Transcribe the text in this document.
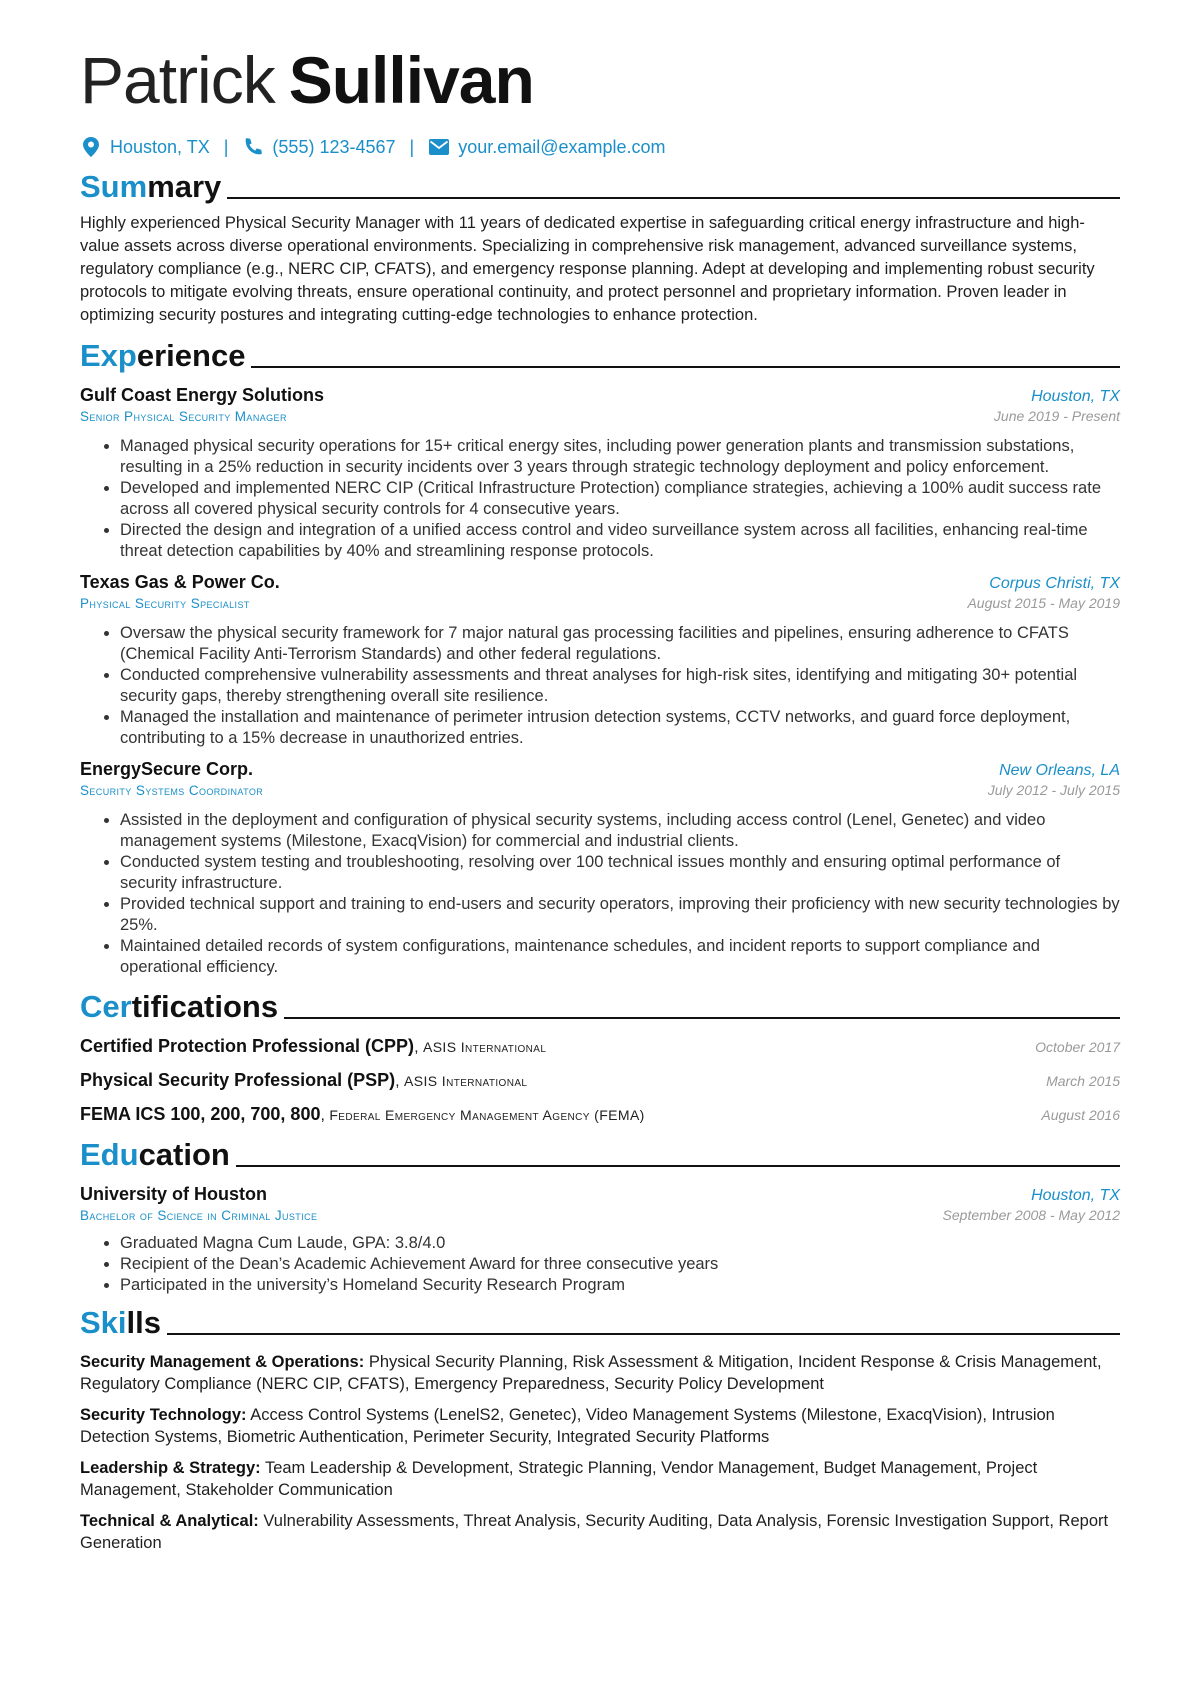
Patrick Sullivan
Houston, TX | (555) 123-4567 | your.email@example.com
Summary
Highly experienced Physical Security Manager with 11 years of dedicated expertise in safeguarding critical energy infrastructure and high-value assets across diverse operational environments. Specializing in comprehensive risk management, advanced surveillance systems, regulatory compliance (e.g., NERC CIP, CFATS), and emergency response planning. Adept at developing and implementing robust security protocols to mitigate evolving threats, ensure operational continuity, and protect personnel and proprietary information. Proven leader in optimizing security postures and integrating cutting-edge technologies to enhance protection.
Experience
Gulf Coast Energy Solutions	Houston, TX
Senior Physical Security Manager	June 2019 - Present
• Managed physical security operations for 15+ critical energy sites, including power generation plants and transmission substations, resulting in a 25% reduction in security incidents over 3 years through strategic technology deployment and policy enforcement.
• Developed and implemented NERC CIP (Critical Infrastructure Protection) compliance strategies, achieving a 100% audit success rate across all covered physical security controls for 4 consecutive years.
• Directed the design and integration of a unified access control and video surveillance system across all facilities, enhancing real-time threat detection capabilities by 40% and streamlining response protocols.
Texas Gas & Power Co.	Corpus Christi, TX
Physical Security Specialist	August 2015 - May 2019
• Oversaw the physical security framework for 7 major natural gas processing facilities and pipelines, ensuring adherence to CFATS (Chemical Facility Anti-Terrorism Standards) and other federal regulations.
• Conducted comprehensive vulnerability assessments and threat analyses for high-risk sites, identifying and mitigating 30+ potential security gaps, thereby strengthening overall site resilience.
• Managed the installation and maintenance of perimeter intrusion detection systems, CCTV networks, and guard force deployment, contributing to a 15% decrease in unauthorized entries.
EnergySecure Corp.	New Orleans, LA
Security Systems Coordinator	July 2012 - July 2015
• Assisted in the deployment and configuration of physical security systems, including access control (Lenel, Genetec) and video management systems (Milestone, ExacqVision) for commercial and industrial clients.
• Conducted system testing and troubleshooting, resolving over 100 technical issues monthly and ensuring optimal performance of security infrastructure.
• Provided technical support and training to end-users and security operators, improving their proficiency with new security technologies by 25%.
• Maintained detailed records of system configurations, maintenance schedules, and incident reports to support compliance and operational efficiency.
Certifications
Certified Protection Professional (CPP), ASIS International	October 2017
Physical Security Professional (PSP), ASIS International	March 2015
FEMA ICS 100, 200, 700, 800, Federal Emergency Management Agency (FEMA)	August 2016
Education
University of Houston	Houston, TX
Bachelor of Science in Criminal Justice	September 2008 - May 2012
• Graduated Magna Cum Laude, GPA: 3.8/4.0
• Recipient of the Dean’s Academic Achievement Award for three consecutive years
• Participated in the university’s Homeland Security Research Program
Skills
Security Management & Operations: Physical Security Planning, Risk Assessment & Mitigation, Incident Response & Crisis Management, Regulatory Compliance (NERC CIP, CFATS), Emergency Preparedness, Security Policy Development
Security Technology: Access Control Systems (LenelS2, Genetec), Video Management Systems (Milestone, ExacqVision), Intrusion Detection Systems, Biometric Authentication, Perimeter Security, Integrated Security Platforms
Leadership & Strategy: Team Leadership & Development, Strategic Planning, Vendor Management, Budget Management, Project Management, Stakeholder Communication
Technical & Analytical: Vulnerability Assessments, Threat Analysis, Security Auditing, Data Analysis, Forensic Investigation Support, Report Generation
